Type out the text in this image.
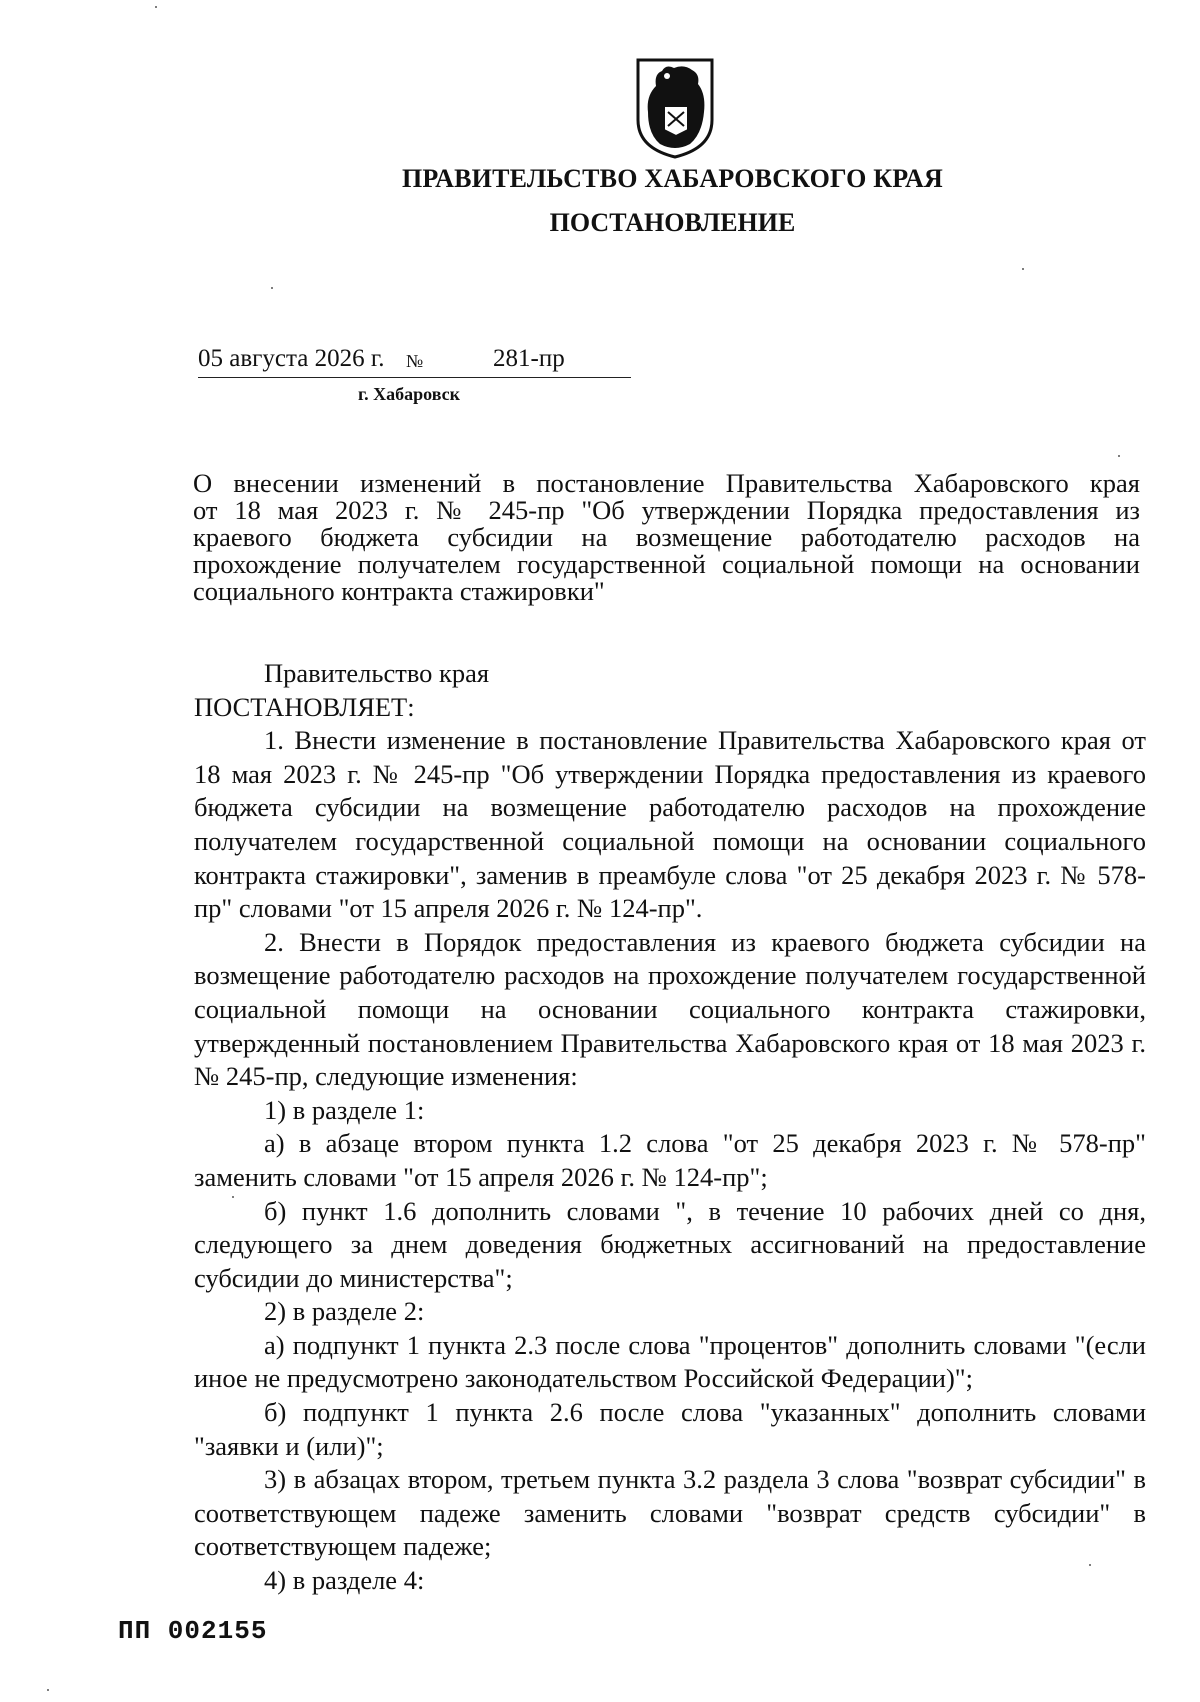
ПРАВИТЕЛЬСТВО ХАБАРОВСКОГО КРАЯ
ПОСТАНОВЛЕНИЕ
05 августа 2026 г. №	281-пр
г. Хабаровск
О внесении изменений в постановление Правительства Хабаровского края
от 18 мая 2023 г. № 245-пр "Об утверждении Порядка предоставления из
краевого бюджета субсидии на возмещение работодателю расходов на
прохождение получателем государственной социальной помощи на основании
социального контракта стажировки"
Правительство края
ПОСТАНОВЛЯЕТ:
1. Внести изменение в постановление Правительства Хабаровского края от 18 мая 2023 г. № 245-пр "Об утверждении Порядка предоставления из краевого бюджета субсидии на возмещение работодателю расходов на прохождение получателем государственной социальной помощи на основании социального контракта стажировки", заменив в преамбуле слова "от 25 декабря 2023 г. № 578-пр" словами "от 15 апреля 2026 г. № 124-пр".
2. Внести в Порядок предоставления из краевого бюджета субсидии на возмещение работодателю расходов на прохождение получателем государственной социальной помощи на основании социального контракта стажировки, утвержденный постановлением Правительства Хабаровского края от 18 мая 2023 г. № 245-пр, следующие изменения:
1) в разделе 1:
а) в абзаце втором пункта 1.2 слова "от 25 декабря 2023 г. № 578-пр" заменить словами "от 15 апреля 2026 г. № 124-пр";
б) пункт 1.6 дополнить словами ", в течение 10 рабочих дней со дня, следующего за днем доведения бюджетных ассигнований на предоставление субсидии до министерства";
2) в разделе 2:
а) подпункт 1 пункта 2.3 после слова "процентов" дополнить словами "(если иное не предусмотрено законодательством Российской Федерации)";
б) подпункт 1 пункта 2.6 после слова "указанных" дополнить словами "заявки и (или)";
3) в абзацах втором, третьем пункта 3.2 раздела 3 слова "возврат субсидии" в соответствующем падеже заменить словами "возврат средств субсидии" в соответствующем падеже;
4) в разделе 4:
ПП 002155
